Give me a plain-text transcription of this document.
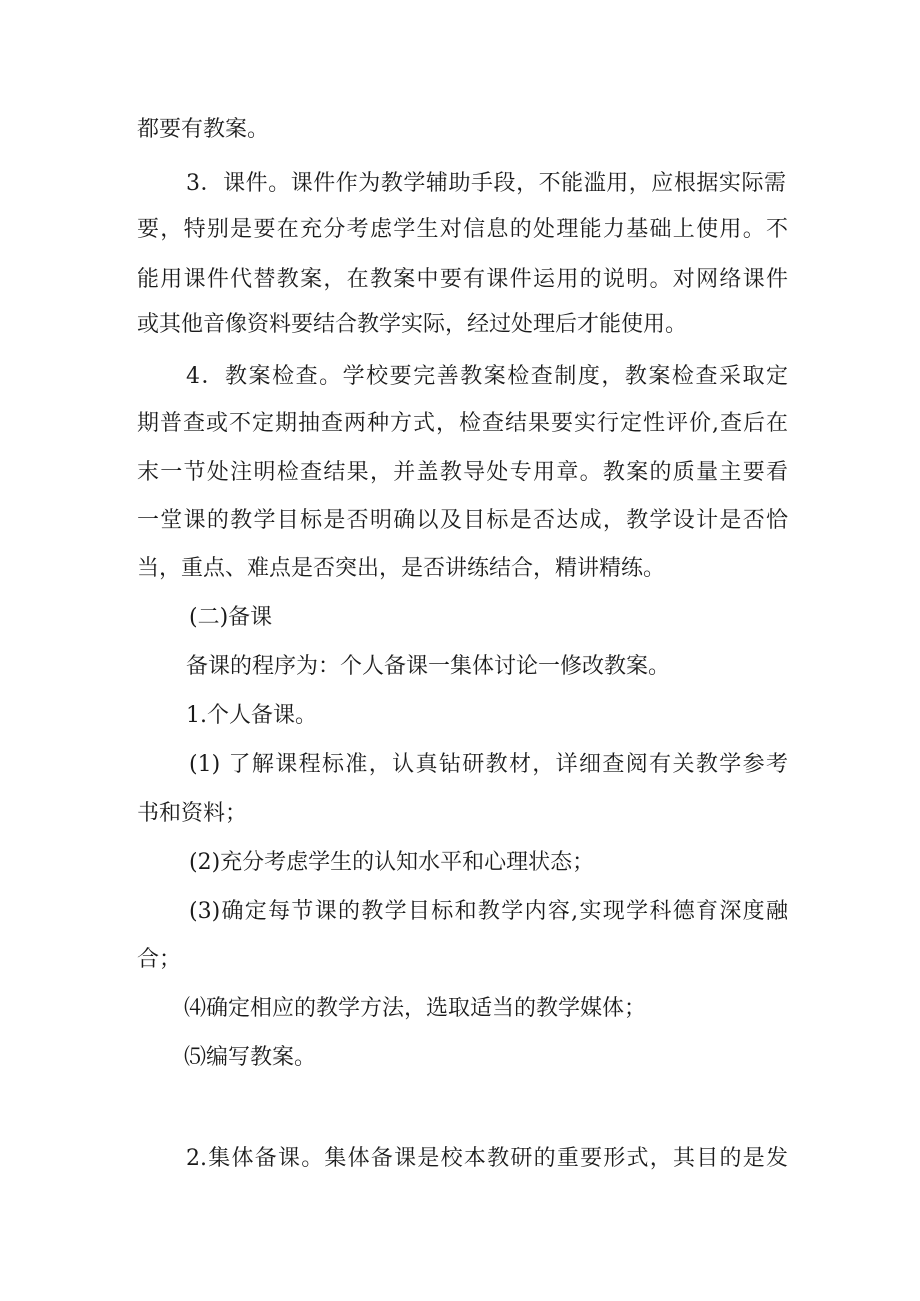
都要有教案。
3．课件。课件作为教学辅助手段，不能滥用，应根据实际需
要，特别是要在充分考虑学生对信息的处理能力基础上使用。不
能用课件代替教案，在教案中要有课件运用的说明。对网络课件
或其他音像资料要结合教学实际，经过处理后才能使用。
4．教案检查。学校要完善教案检查制度，教案检查采取定
期普查或不定期抽查两种方式，检查结果要实行定性评价,查后在
末一节处注明检查结果，并盖教导处专用章。教案的质量主要看
一堂课的教学目标是否明确以及目标是否达成，教学设计是否恰
当，重点、难点是否突出，是否讲练结合，精讲精练。
(二)备课
备课的程序为：个人备课一集体讨论一修改教案。
1.个人备课。
(1) 了解课程标准，认真钻研教材，详细查阅有关教学参考
书和资料；
(2)充分考虑学生的认知水平和心理状态；
(3)确定每节课的教学目标和教学内容,实现学科德育深度融
合；
⑷确定相应的教学方法，选取适当的教学媒体；
⑸编写教案。
2.集体备课。集体备课是校本教研的重要形式，其目的是发
